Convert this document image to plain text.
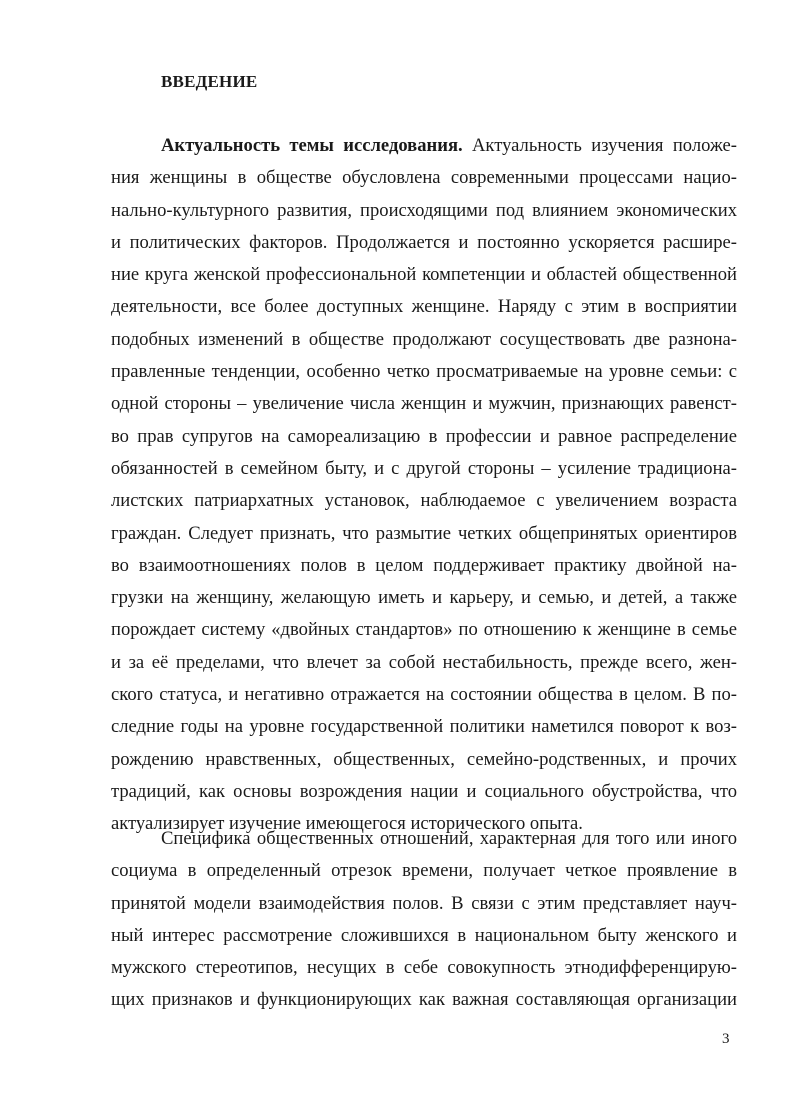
ВВЕДЕНИЕ
Актуальность темы исследования. Актуальность изучения положе-
ния женщины в обществе обусловлена современными процессами нацио-
нально-культурного развития, происходящими под влиянием экономических
и политических факторов. Продолжается и постоянно ускоряется расшире-
ние круга женской профессиональной компетенции и областей общественной
деятельности, все более доступных женщине. Наряду с этим в восприятии
подобных изменений в обществе продолжают сосуществовать две разнона-
правленные тенденции, особенно четко просматриваемые на уровне семьи: с
одной стороны – увеличение числа женщин и мужчин, признающих равенст-
во прав супругов на самореализацию в профессии и равное распределение
обязанностей в семейном быту, и с другой стороны – усиление традициона-
листских патриархатных установок, наблюдаемое с увеличением возраста
граждан. Следует признать, что размытие четких общепринятых ориентиров
во взаимоотношениях полов в целом поддерживает практику двойной на-
грузки на женщину, желающую иметь и карьеру, и семью, и детей, а также
порождает систему «двойных стандартов» по отношению к женщине в семье
и за её пределами, что влечет за собой нестабильность, прежде всего, жен-
ского статуса, и негативно отражается на состоянии общества в целом. В по-
следние годы на уровне государственной политики наметился поворот к воз-
рождению нравственных, общественных, семейно-родственных, и прочих
традиций, как основы возрождения нации и социального обустройства, что
актуализирует изучение имеющегося исторического опыта.
Специфика общественных отношений, характерная для того или иного
социума в определенный отрезок времени, получает четкое проявление в
принятой модели взаимодействия полов. В связи с этим представляет науч-
ный интерес рассмотрение сложившихся в национальном быту женского и
мужского стереотипов, несущих в себе совокупность этнодифференцирую-
щих признаков и функционирующих как важная составляющая организации
3
